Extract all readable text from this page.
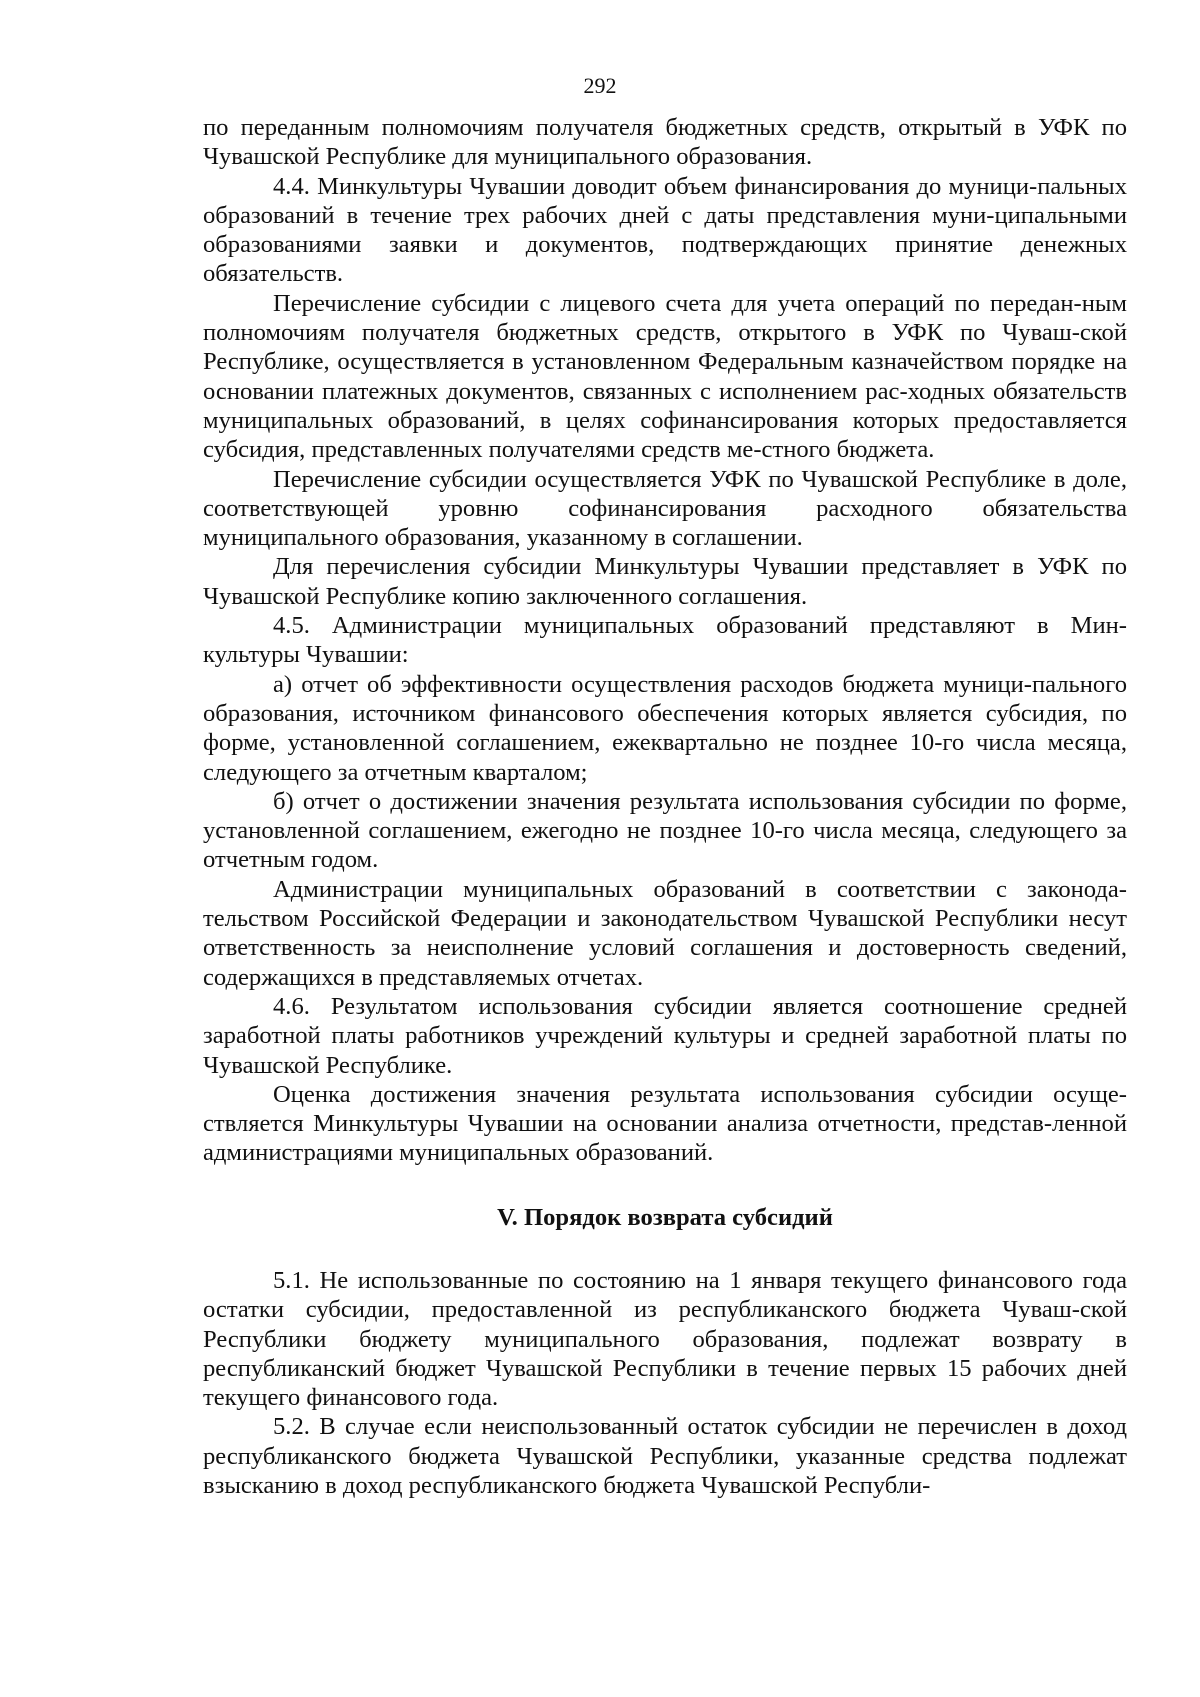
292

по переданным полномочиям получателя бюджетных средств, открытый в УФК по Чувашской Республике для муниципального образования.

4.4. Минкультуры Чувашии доводит объем финансирования до муници-пальных образований в течение трех рабочих дней с даты представления муни-ципальными образованиями заявки и документов, подтверждающих принятие денежных обязательств.

Перечисление субсидии с лицевого счета для учета операций по передан-ным полномочиям получателя бюджетных средств, открытого в УФК по Чуваш-ской Республике, осуществляется в установленном Федеральным казначейством порядке на основании платежных документов, связанных с исполнением рас-ходных обязательств муниципальных образований, в целях софинансирования которых предоставляется субсидия, представленных получателями средств ме-стного бюджета.

Перечисление субсидии осуществляется УФК по Чувашской Республике в доле, соответствующей уровню софинансирования расходного обязательства муниципального образования, указанному в соглашении.

Для перечисления субсидии Минкультуры Чувашии представляет в УФК по Чувашской Республике копию заключенного соглашения.

4.5. Администрации муниципальных образований представляют в Мин-культуры Чувашии:

а) отчет об эффективности осуществления расходов бюджета муници-пального образования, источником финансового обеспечения которых является субсидия, по форме, установленной соглашением, ежеквартально не позднее 10-го числа месяца, следующего за отчетным кварталом;

б) отчет о достижении значения результата использования субсидии по форме, установленной соглашением, ежегодно не позднее 10-го числа месяца, следующего за отчетным годом.

Администрации муниципальных образований в соответствии с законода-тельством Российской Федерации и законодательством Чувашской Республики несут ответственность за неисполнение условий соглашения и достоверность сведений, содержащихся в представляемых отчетах.

4.6. Результатом использования субсидии является соотношение средней заработной платы работников учреждений культуры и средней заработной платы по Чувашской Республике.

Оценка достижения значения результата использования субсидии осуще-ствляется Минкультуры Чувашии на основании анализа отчетности, представ-ленной администрациями муниципальных образований.

V. Порядок возврата субсидий

5.1. Не использованные по состоянию на 1 января текущего финансового года остатки субсидии, предоставленной из республиканского бюджета Чуваш-ской Республики бюджету муниципального образования, подлежат возврату в республиканский бюджет Чувашской Республики в течение первых 15 рабочих дней текущего финансового года.

5.2. В случае если неиспользованный остаток субсидии не перечислен в доход республиканского бюджета Чувашской Республики, указанные средства подлежат взысканию в доход республиканского бюджета Чувашской Республи-
